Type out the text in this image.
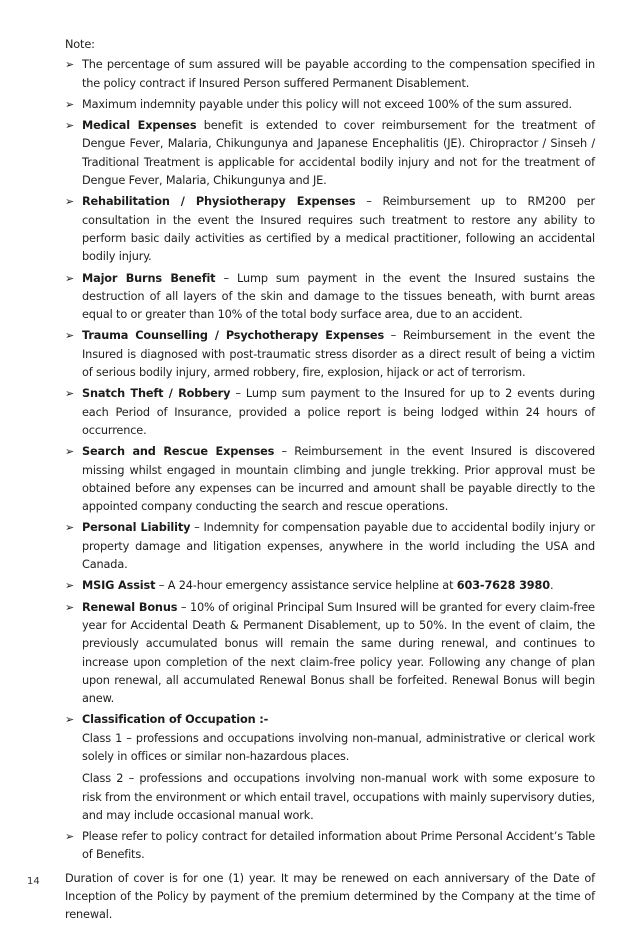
Note:
➢ The percentage of sum assured will be payable according to the compensation specified in the policy contract if Insured Person suffered Permanent Disablement.
➢ Maximum indemnity payable under this policy will not exceed 100% of the sum assured.
➢ Medical Expenses benefit is extended to cover reimbursement for the treatment of Dengue Fever, Malaria, Chikungunya and Japanese Encephalitis (JE). Chiropractor / Sinseh / Traditional Treatment is applicable for accidental bodily injury and not for the treatment of Dengue Fever, Malaria, Chikungunya and JE.
➢ Rehabilitation / Physiotherapy Expenses – Reimbursement up to RM200 per consultation in the event the Insured requires such treatment to restore any ability to perform basic daily activities as certified by a medical practitioner, following an accidental bodily injury.
➢ Major Burns Benefit – Lump sum payment in the event the Insured sustains the destruction of all layers of the skin and damage to the tissues beneath, with burnt areas equal to or greater than 10% of the total body surface area, due to an accident.
➢ Trauma Counselling / Psychotherapy Expenses – Reimbursement in the event the Insured is diagnosed with post-traumatic stress disorder as a direct result of being a victim of serious bodily injury, armed robbery, fire, explosion, hijack or act of terrorism.
➢ Snatch Theft / Robbery – Lump sum payment to the Insured for up to 2 events during each Period of Insurance, provided a police report is being lodged within 24 hours of occurrence.
➢ Search and Rescue Expenses – Reimbursement in the event Insured is discovered missing whilst engaged in mountain climbing and jungle trekking. Prior approval must be obtained before any expenses can be incurred and amount shall be payable directly to the appointed company conducting the search and rescue operations.
➢ Personal Liability – Indemnity for compensation payable due to accidental bodily injury or property damage and litigation expenses, anywhere in the world including the USA and Canada.
➢ MSIG Assist – A 24-hour emergency assistance service helpline at 603-7628 3980.
➢ Renewal Bonus – 10% of original Principal Sum Insured will be granted for every claim-free year for Accidental Death & Permanent Disablement, up to 50%. In the event of claim, the previously accumulated bonus will remain the same during renewal, and continues to increase upon completion of the next claim-free policy year. Following any change of plan upon renewal, all accumulated Renewal Bonus shall be forfeited. Renewal Bonus will begin anew.
➢ Classification of Occupation :-
Class 1 – professions and occupations involving non-manual, administrative or clerical work solely in offices or similar non-hazardous places.
Class 2 – professions and occupations involving non-manual work with some exposure to risk from the environment or which entail travel, occupations with mainly supervisory duties, and may include occasional manual work.
➢ Please refer to policy contract for detailed information about Prime Personal Accident’s Table of Benefits.
Duration of cover is for one (1) year. It may be renewed on each anniversary of the Date of Inception of the Policy by payment of the premium determined by the Company at the time of renewal.
14
